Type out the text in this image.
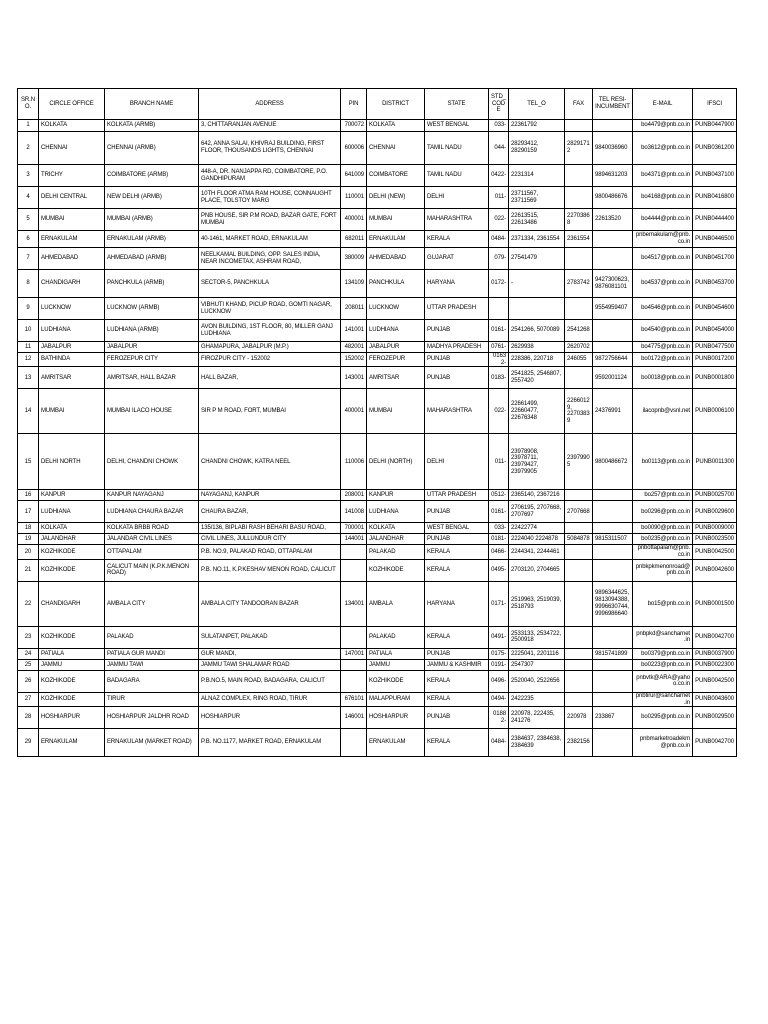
SR.NO.	CIRCLE OFFICE	BRANCH NAME	ADDRESS	PIN	DISTRICT	STATE	STD_CODE	TEL_O	FAX	TEL RESI-INCUMBENT	E-MAIL	IFSCI
1	KOLKATA	KOLKATA (ARMB)	3, CHITTARANJAN AVENUE	700072	KOLKATA	WEST BENGAL	033-	22361792			bo4479@pnb.co.in	PUNB0447900
2	CHENNAI	CHENNAI (ARMB)	642, ANNA SALAI, KHIVRAJ BUILDING, FIRST FLOOR, THOUSANDS LIGHTS, CHENNAI	600006	CHENNAI	TAMIL NADU	044-	28293412, 28290159	28291712	9840036960	bo3612@pnb.co.in	PUNB0361200
3	TRICHY	COIMBATORE (ARMB)	448-A, DR. NANJAPPA RD, COIMBATORE, P.O. GANDHIPURAM	641009	COIMBATORE	TAMIL NADU	0422-	2231314		9894631203	bo4371@pnb.co.in	PUNB0437100
4	DELHI CENTRAL	NEW DELHI (ARMB)	10TH FLOOR ATMA RAM HOUSE, CONNAUGHT PLACE, TOLSTOY MARG	110001	DELHI (NEW)	DELHI	011-	23711567, 23711569		9800486676	bo4168@pnb.co.in	PUNB0416800
5	MUMBAI	MUMBAI (ARMB)	PNB HOUSE, SIR P.M ROAD, BAZAR GATE, FORT MUMBAI	400001	MUMBAI	MAHARASHTRA	022-	22613515, 22613486	22703868	22613520	bo4444@pnb.co.in	PUNB0444400
6	ERNAKULAM	ERNAKULAM (ARMB)	40-1461, MARKET ROAD, ERNAKULAM	682011	ERNAKULAM	KERALA	0484-	2371334, 2361554	2361554		pnbernakulam@pnb.co.in	PUNB0446500
7	AHMEDABAD	AHMEDABAD (ARMB)	NEELKAMAL BUILDING, OPP. SALES INDIA, NEAR INCOMETAX, ASHRAM ROAD,	380009	AHMEDABAD	GUJARAT	079-	27541479			bo4517@pnb.co.in	PUNB0451700
8	CHANDIGARH	PANCHKULA (ARMB)	SECTOR-5, PANCHKULA	134109	PANCHKULA	HARYANA	0172-	-	2783742	9427300623, 9876081101	bo4537@pnb.co.in	PUNB0453700
9	LUCKNOW	LUCKNOW (ARMB)	VIBHUTI KHAND, PICUP ROAD, GOMTI NAGAR, LUCKNOW	208011	LUCKNOW	UTTAR PRADESH				9554959407	bo4546@pnb.co.in	PUNB0454600
10	LUDHIANA	LUDHIANA (ARMB)	AVON BUILDING, 1ST FLOOR, 80, MILLER GANJ LUDHIANA	141001	LUDHIANA	PUNJAB	0161-	2541266, 5070089	2541268		bo4540@pnb.co.in	PUNB0454000
11	JABALPUR	JABALPUR	GHAMAPURA, JABALPUR (M.P.)	482001	JABALPUR	MADHYA PRADESH	0761-	2629938	2620702		bo4775@pnb.co.in	PUNB0477500
12	BATHINDA	FEROZEPUR CITY	FIROZPUR CITY - 152002	152002	FEROZEPUR	PUNJAB	01632-	228386, 220718	246055	9872756644	bo0172@pnb.co.in	PUNB0017200
13	AMRITSAR	AMRITSAR, HALL BAZAR	HALL BAZAR,	143001	AMRITSAR	PUNJAB	0183-	2541825, 2546807, 2557420		9592001124	bo0018@pnb.co.in	PUNB0001800
14	MUMBAI	MUMBAI ILACO HOUSE	SIR P M ROAD, FORT, MUMBAI	400001	MUMBAI	MAHARASHTRA	022-	22661499, 22660477, 22676348	22660129, 22703839	24376991	ilacopnb@vsnl.net	PUNB0006100
15	DELHI NORTH	DELHI, CHANDNI CHOWK	CHANDNI CHOWK, KATRA NEEL	110006	DELHI (NORTH)	DELHI	011-	23978908, 23978711, 23979427, 23979905	23979905	9800486672	bo0113@pnb.co.in	PUNB0011300
16	KANPUR	KANPUR NAYAGANJ	NAYAGANJ, KANPUR	208001	KANPUR	UTTAR PRADESH	0512-	2365140, 2367216			bo257@pnb.co.in	PUNB0025700
17	LUDHIANA	LUDHIANA CHAURA BAZAR	CHAURA BAZAR,	141008	LUDHIANA	PUNJAB	0161-	2706195, 2707668, 2707697	2707668		bo0296@pnb.co.in	PUNB0029600
18	KOLKATA	KOLKATA BRBB ROAD	135/136, BIPLABI RASH BEHARI BASU ROAD,	700001	KOLKATA	WEST BENGAL	033-	22422774			bo0090@pnb.co.in	PUNB0009000
19	JALANDHAR	JALANDAR CIVIL LINES	CIVIL LINES, JULLUNDUR CITY	144001	JALANDHAR	PUNJAB	0181-	2224040 2224878	5084878	9815311507	bo0235@pnb.co.in	PUNB0023500
20	KOZHIKODE	OTTAPALAM	P.B. NO.9, PALAKAD ROAD, OTTAPALAM		PALAKAD	KERALA	0466-	2244341, 2244461			pnbottapalam@pnb.co.in	PUNB0042500
21	KOZHIKODE	CALICUT MAIN (K.P.K.MENON ROAD)	P.B. NO.11, K.P.KESHAV MENON ROAD, CALICUT		KOZHIKODE	KERALA	0495-	2703120, 2704665			pnbkpkmenonroad@pnb.co.in	PUNB0042600
22	CHANDIGARH	AMBALA CITY	AMBALA CITY TANDOORAN BAZAR	134001	AMBALA	HARYANA	0171-	2519963, 2519039, 2518793		9896344625, 9813094388, 9996630744, 9996986640	bo15@pnb.co.in	PUNB0001500
23	KOZHIKODE	PALAKAD	SULATANPET, PALAKAD		PALAKAD	KERALA	0491-	2533133, 2534722, 2500918			pnbpkd@sancharnet.in	PUNB0042700
24	PATIALA	PATIALA GUR MANDI	GUR MANDI,	147001	PATIALA	PUNJAB	0175-	2225041, 2201116		9815741899	bo0379@pnb.co.in	PUNB0037900
25	JAMMU	JAMMU TAWI	JAMMU TAWI SHALAMAR ROAD		JAMMU	JAMMU & KASHMIR	0191-	2547307			bo0223@pnb.co.in	PUNB0022300
26	KOZHIKODE	BADAGARA	P.B.NO.5, MAIN ROAD, BADAGARA, CALICUT		KOZHIKODE	KERALA	0496-	2520040, 2522656			pnbvtk@ARA@yahoo.co.in	PUNB0042500
27	KOZHIKODE	TIRUR	ALNAZ COMPLEX, RING ROAD, TIRUR	676101	MALAPPURAM	KERALA	0494-	2422235			pnbtirur@sancharnet.in	PUNB0043600
28	HOSHIARPUR	HOSHIARPUR JALDHR ROAD	HOSHIARPUR	146001	HOSHIARPUR	PUNJAB	01882-	220978, 222435, 241276	220978	233867	bo0295@pnb.co.in	PUNB0029500
29	ERNAKULAM	ERNAKULAM (MARKET ROAD)	P.B. NO.1177, MARKET ROAD, ERNAKULAM		ERNAKULAM	KERALA	0484-	2384637, 2384638, 2384639	2382156		pnbmarketroadekm@pnb.co.in	PUNB0042700
